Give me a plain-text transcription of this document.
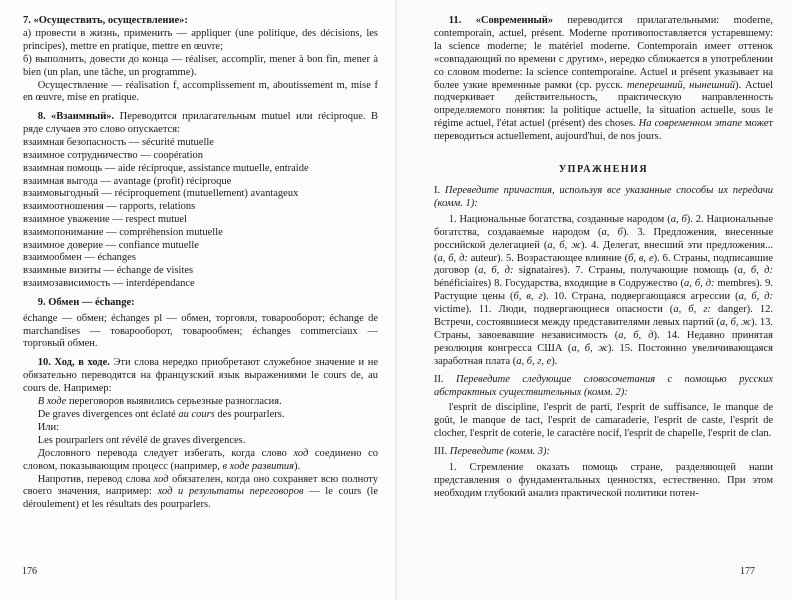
7. «Осуществить, осуществление»:

а) провести в жизнь, применить — appliquer (une politique, des décisions, les principes), mettre en pratique, mettre en œuvre;

б) выполнить, довести до конца — réaliser, accomplir, mener à bon fin, mener à bien (un plan, une tâche, un programme).

Осуществление — réalisation f, accomplissement m, aboutissement m, mise f en œuvre, mise en pratique.

8. «Взаимный». Переводится прилагательным mutuel или réciproque. В ряде случаев это слово опускается:

взаимная безопасность — sécurité mutuelle

взаимное сотрудничество — coopération

взаимная помощь — aide réciproque, assistance mutuelle, entraide

взаимная выгода — avantage (profit) réciproque

взаимовыгодный — réciproquement (mutuellement) avantageux

взаимоотношения — rapports, relations

взаимное уважение — respect mutuel

взаимопонимание — compréhension mutuelle

взаимное доверие — confiance mutuelle

взаимообмен — échanges

взаимные визиты — échange de visites

взаимозависимость — interdépendance

9. Обмен — échange:

échange — обмен; échanges pl — обмен, торговля, товарооборот; échange de marchandises — товарооборот, товарообмен; échanges commerciaux — торговый обмен.

10. Ход, в ходе. Эти слова нередко приобретают служебное значение и не обязательно переводятся на французский язык выражениями le cours de, au cours de. Например:

В ходе переговоров выявились серьезные разногласия.

De graves divergences ont éclaté au cours des pourparlers.

Или:

Les pourparlers ont révélé de graves divergences.

Дословного перевода следует избегать, когда слово ход соединено со словом, показывающим процесс (например, в ходе развития).

Напротив, перевод слова ход обязателен, когда оно сохраняет всю полноту своего значения, например: ход и результаты переговоров — le cours (le déroulement) et les résultats des pourparlers.

176

11. «Современный» переводится прилагательными: moderne, contemporain, actuel, présent. Moderne противопоставляется устаревшему: la science moderne; le matériel moderne. Contemporain имеет оттенок «совпадающий по времени с другим», нередко сближается в употреблении со словом moderne: la science contemporaine. Actuel и présent указывает на более узкие временные рамки (ср. русск. теперешний, нынешний). Actuel подчеркивает действительность, практическую направленность определяемого понятия: la politique actuelle, la situation actuelle, sous le régime actuel, l'état actuel (présent) des choses. На современном этапе может переводиться actuellement, aujourd'hui, de nos jours.

УПРАЖНЕНИЯ

I. Переведите причастия, используя все указанные способы их передачи (комм. 1):

1. Национальные богатства, созданные народом (а, б). 2. Национальные богатства, создаваемые народом (а, б). 3. Предложения, внесенные российской делегацией (а, б, ж). 4. Делегат, внесший эти предложения... (а, б, д: auteur). 5. Возрастающее влияние (б, в, е). 6. Страны, подписавшие договор (а, б, д: signataires). 7. Страны, получающие помощь (а, б, д: bénéficiaires) 8. Государства, входящие в Содружество (а, б, д: membres). 9. Растущие цены (б, в, г). 10. Страна, подвергающаяся агрессии (а, б, д: victime). 11. Люди, подвергающиеся опасности (а, б, г: danger). 12. Встречи, состоявшиеся между представителями левых партий (а, б, ж). 13. Страны, завоевавшие независимость (а, б, д). 14. Недавно принятая резолюция конгресса США (а, б, ж). 15. Постоянно увеличивающаяся заработная плата (а, б, г, е).

II. Переведите следующие словосочетания с помощью русских абстрактных существительных (комм. 2):

l'esprit de discipline, l'esprit de parti, l'esprit de suffisance, le manque de goût, le manque de tact, l'esprit de camaraderie, l'esprit de caste, l'esprit de clocher, l'esprit de coterie, le caractère nocif, l'esprit de chapelle, l'esprit de clan.

III. Переведите (комм. 3):

1. Стремление оказать помощь стране, разделяющей наши представления о фундаментальных ценностях, естественно. При этом необходим глубокий анализ практической политики потен-

177
